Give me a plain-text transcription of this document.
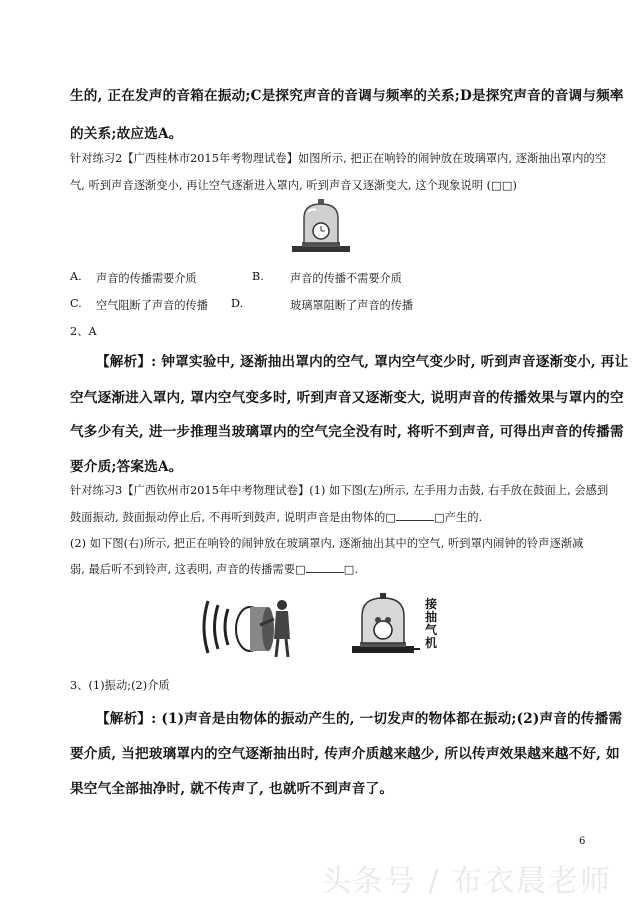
生的, 正在发声的音箱在振动;C是探究声音的音调与频率的关系;D是探究声音的音调与频率
的关系;故应选A。
针对练习2【广西桂林市2015年考物理试卷】如图所示, 把正在响铃的闹钟放在玻璃罩内, 逐渐抽出罩内的空
气, 听到声音逐渐变小, 再让空气逐渐进入罩内, 听到声音又逐渐变大, 这个现象说明 (□□)
A. 声音的传播需要介质	B. 声音的传播不需要介质
C. 空气阻断了声音的传播 D.	玻璃罩阻断了声音的传播
2、A
【解析】: 钟罩实验中, 逐渐抽出罩内的空气, 罩内空气变少时, 听到声音逐渐变小, 再让
空气逐渐进入罩内, 罩内空气变多时, 听到声音又逐渐变大, 说明声音的传播效果与罩内的空
气多少有关, 进一步推理当玻璃罩内的空气完全没有时, 将听不到声音, 可得出声音的传播需
要介质;答案选A。
针对练习3【广西钦州市2015年中考物理试卷】(1) 如下图(左)所示, 左手用力击鼓, 右手放在鼓面上, 会感到
鼓面振动, 鼓面振动停止后, 不再听到鼓声, 说明声音是由物体的□	□产生的.
(2) 如下图(右)所示, 把正在响铃的闹钟放在玻璃罩内, 逐渐抽出其中的空气, 听到罩内闹钟的铃声逐渐减
弱, 最后听不到铃声, 这表明, 声音的传播需要□	□.
接
抽
气
机
3、(1)振动;(2)介质
【解析】: (1)声音是由物体的振动产生的, 一切发声的物体都在振动;(2)声音的传播需
要介质, 当把玻璃罩内的空气逐渐抽出时, 传声介质越来越少, 所以传声效果越来越不好, 如
果空气全部抽净时, 就不传声了, 也就听不到声音了。
6
头条号 / 布衣晨老师
